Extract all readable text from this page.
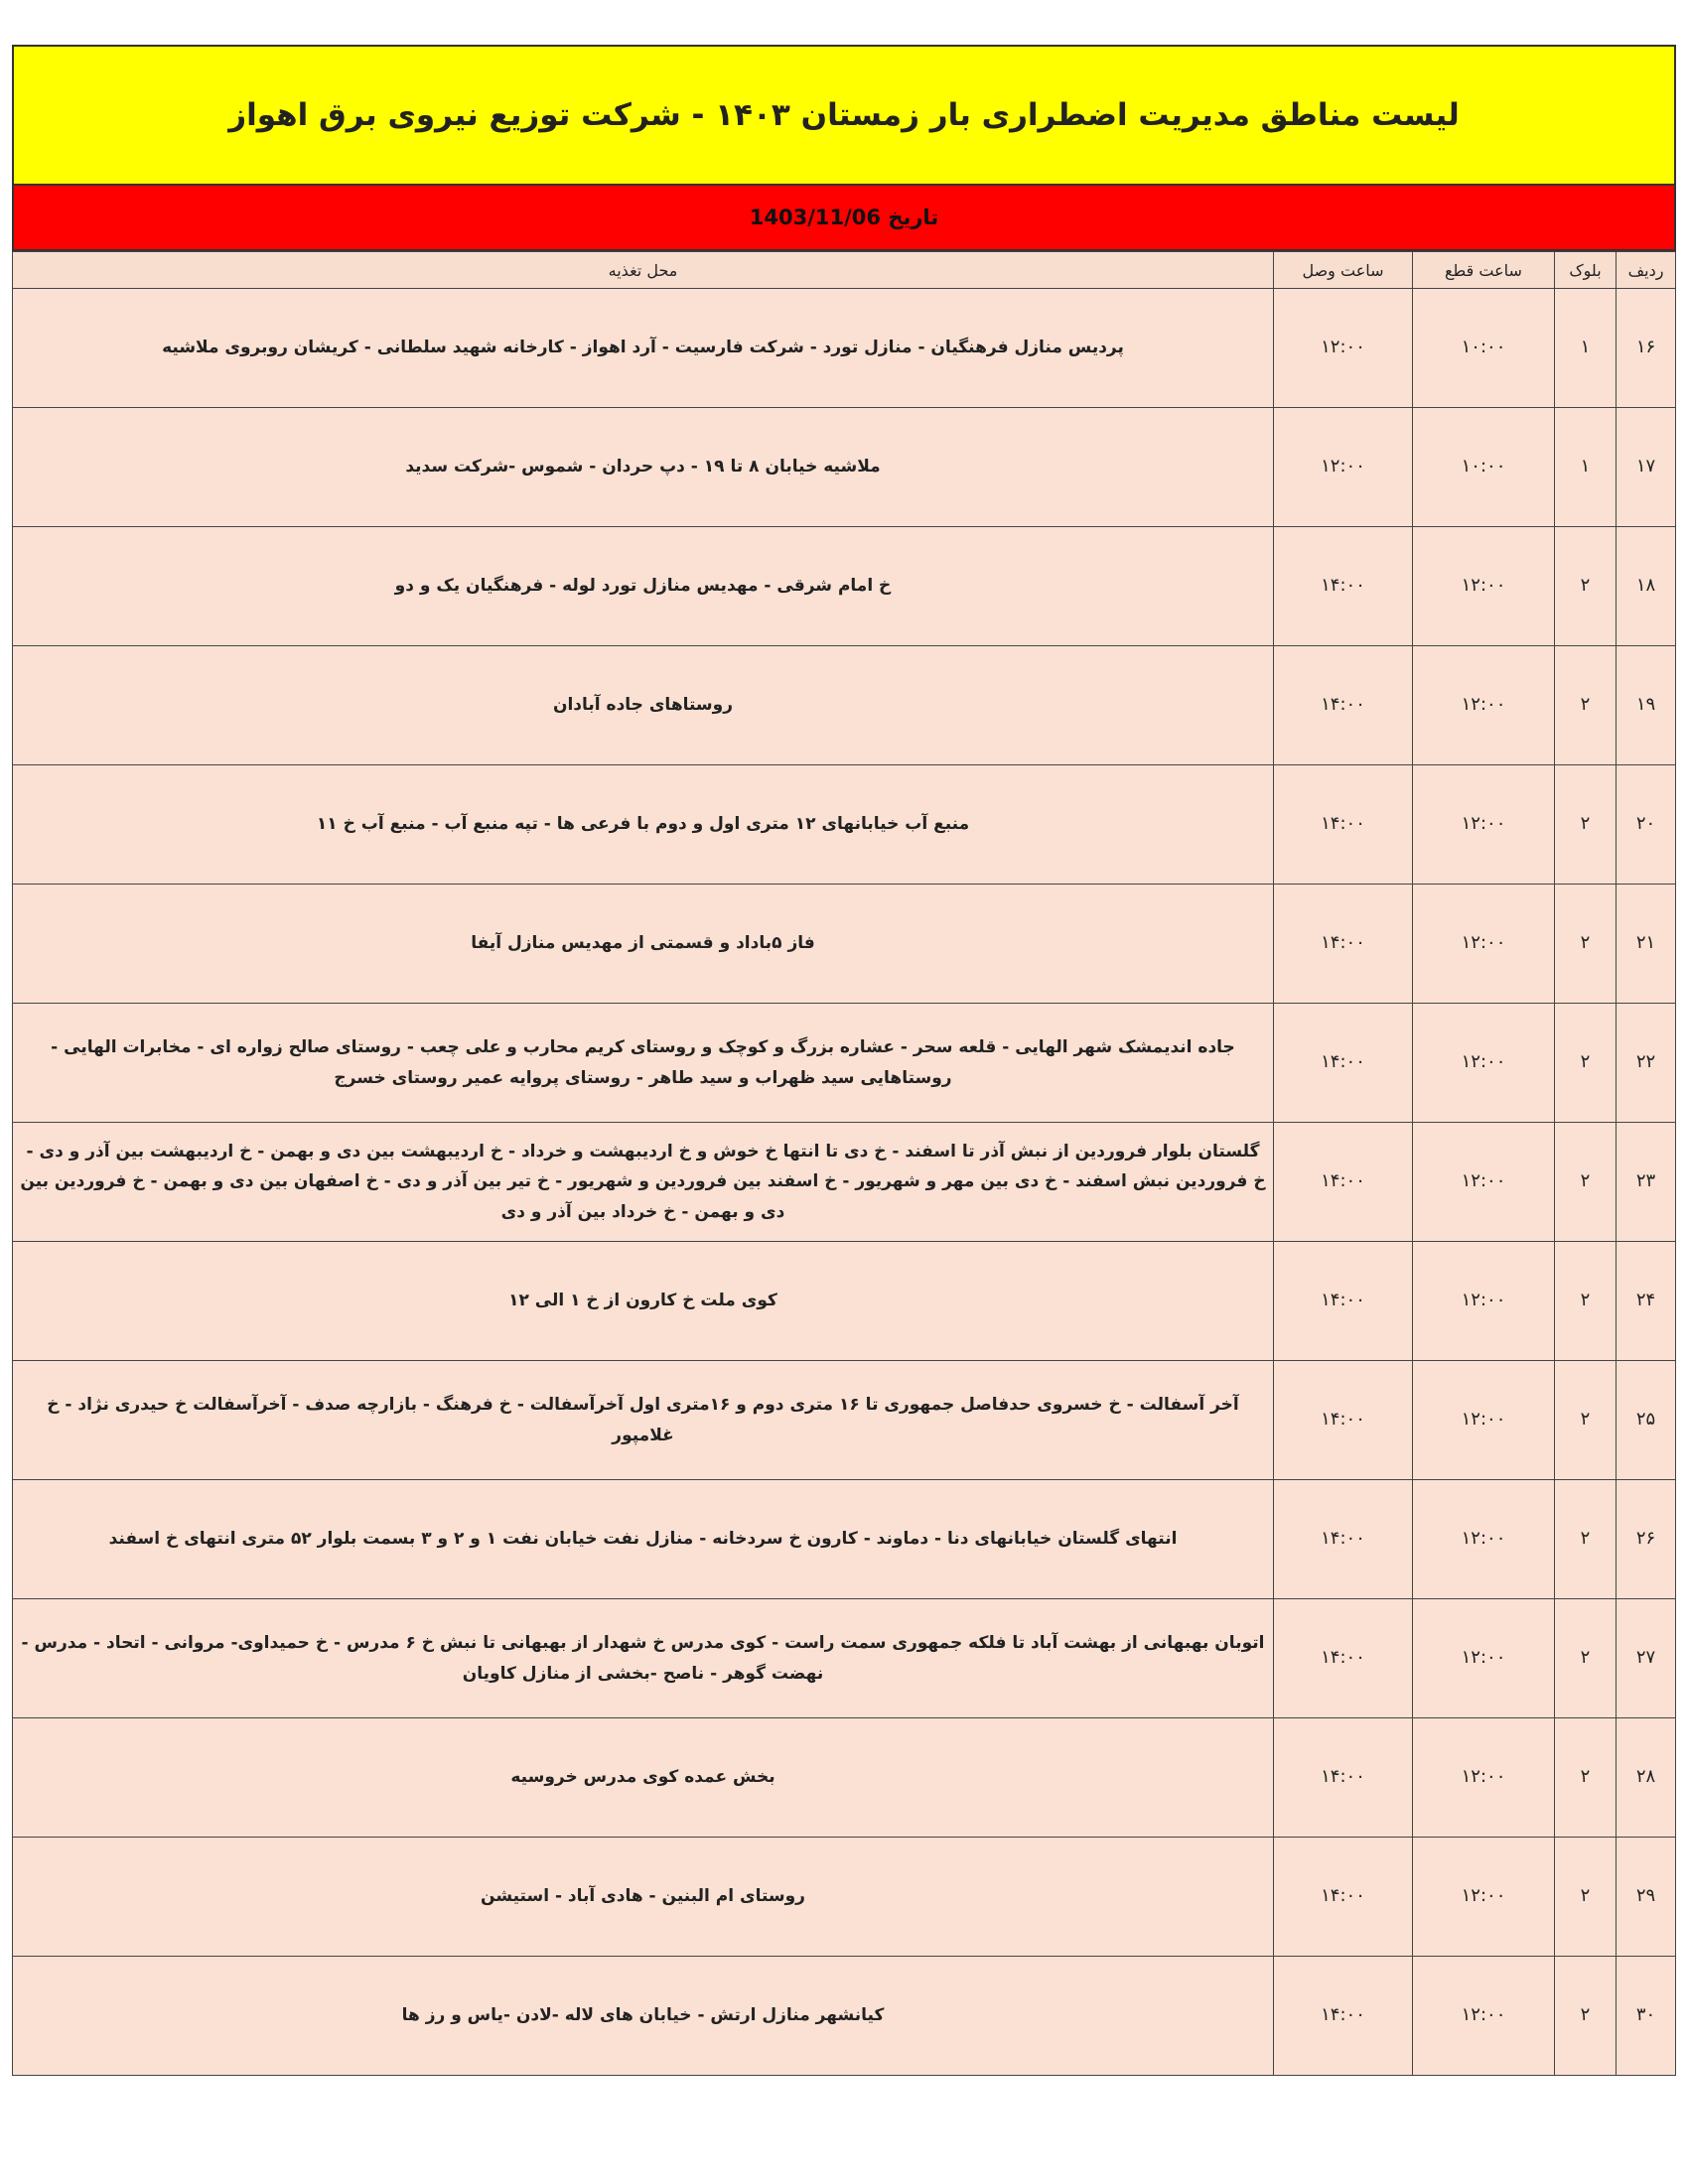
لیست مناطق مدیریت اضطراری بار زمستان ۱۴۰۳ - شرکت توزیع نیروی برق اهواز
تاریخ 1403/11/06
ردیف	بلوک	ساعت قطع	ساعت وصل	محل تغذیه
۱۶	۱	۱۰:۰۰	۱۲:۰۰	پردیس منازل فرهنگیان - منازل تورد - شرکت فارسیت - آرد اهواز - کارخانه شهید سلطانی - کریشان روبروی ملاشیه
۱۷	۱	۱۰:۰۰	۱۲:۰۰	ملاشیه خیابان ۸ تا ۱۹ - دپ حردان - شموس -شرکت سدید
۱۸	۲	۱۲:۰۰	۱۴:۰۰	خ امام شرقی - مهدیس منازل تورد لوله - فرهنگیان یک و دو
۱۹	۲	۱۲:۰۰	۱۴:۰۰	روستاهای جاده آبادان
۲۰	۲	۱۲:۰۰	۱۴:۰۰	منبع آب خیابانهای ۱۲ متری اول و دوم با فرعی ها - تپه منبع آب - منبع آب خ ۱۱
۲۱	۲	۱۲:۰۰	۱۴:۰۰	فاز ۵باداد و قسمتی از مهدیس منازل آیفا
۲۲	۲	۱۲:۰۰	۱۴:۰۰	جاده اندیمشک شهر الهایی - قلعه سحر - عشاره بزرگ و کوچک و روستای کریم محارب و علی چعب - روستای صالح زواره ای - مخابرات الهایی - روستاهایی سید ظهراب و سید طاهر - روستای پروایه عمیر روستای خسرج
۲۳	۲	۱۲:۰۰	۱۴:۰۰	گلستان بلوار فروردین از نبش آذر تا اسفند - خ دی تا انتها خ خوش و خ اردیبهشت و خرداد - خ اردیبهشت بین دی و بهمن - خ اردیبهشت بین آذر و دی - خ فروردین نبش اسفند - خ دی بین مهر و شهریور - خ اسفند بین فروردین و شهریور - خ تیر بین آذر و دی - خ اصفهان بین دی و بهمن - خ فروردین بین دی و بهمن - خ خرداد بین آذر و دی
۲۴	۲	۱۲:۰۰	۱۴:۰۰	کوی ملت خ کارون از خ ۱ الی ۱۲
۲۵	۲	۱۲:۰۰	۱۴:۰۰	آخر آسفالت - خ خسروی حدفاصل جمهوری تا ۱۶ متری دوم و ۱۶متری اول آخرآسفالت - خ فرهنگ - بازارچه صدف - آخرآسفالت خ حیدری نژاد - خ غلامپور
۲۶	۲	۱۲:۰۰	۱۴:۰۰	انتهای گلستان خیابانهای دنا - دماوند - کارون خ سردخانه - منازل نفت خیابان نفت ۱ و ۲ و ۳ بسمت بلوار ۵۲ متری انتهای خ اسفند
۲۷	۲	۱۲:۰۰	۱۴:۰۰	اتوبان بهبهانی از بهشت آباد تا فلکه جمهوری سمت راست - کوی مدرس خ شهدار از بهبهانی تا نبش خ ۶ مدرس - خ حمیداوی- مروانی - اتحاد - مدرس - نهضت گوهر - ناصح -بخشی از منازل کاویان
۲۸	۲	۱۲:۰۰	۱۴:۰۰	بخش عمده کوی مدرس خروسیه
۲۹	۲	۱۲:۰۰	۱۴:۰۰	روستای ام البنین - هادی آباد - استیشن
۳۰	۲	۱۲:۰۰	۱۴:۰۰	کیانشهر منازل ارتش - خیابان های لاله -لادن -یاس و رز ها
